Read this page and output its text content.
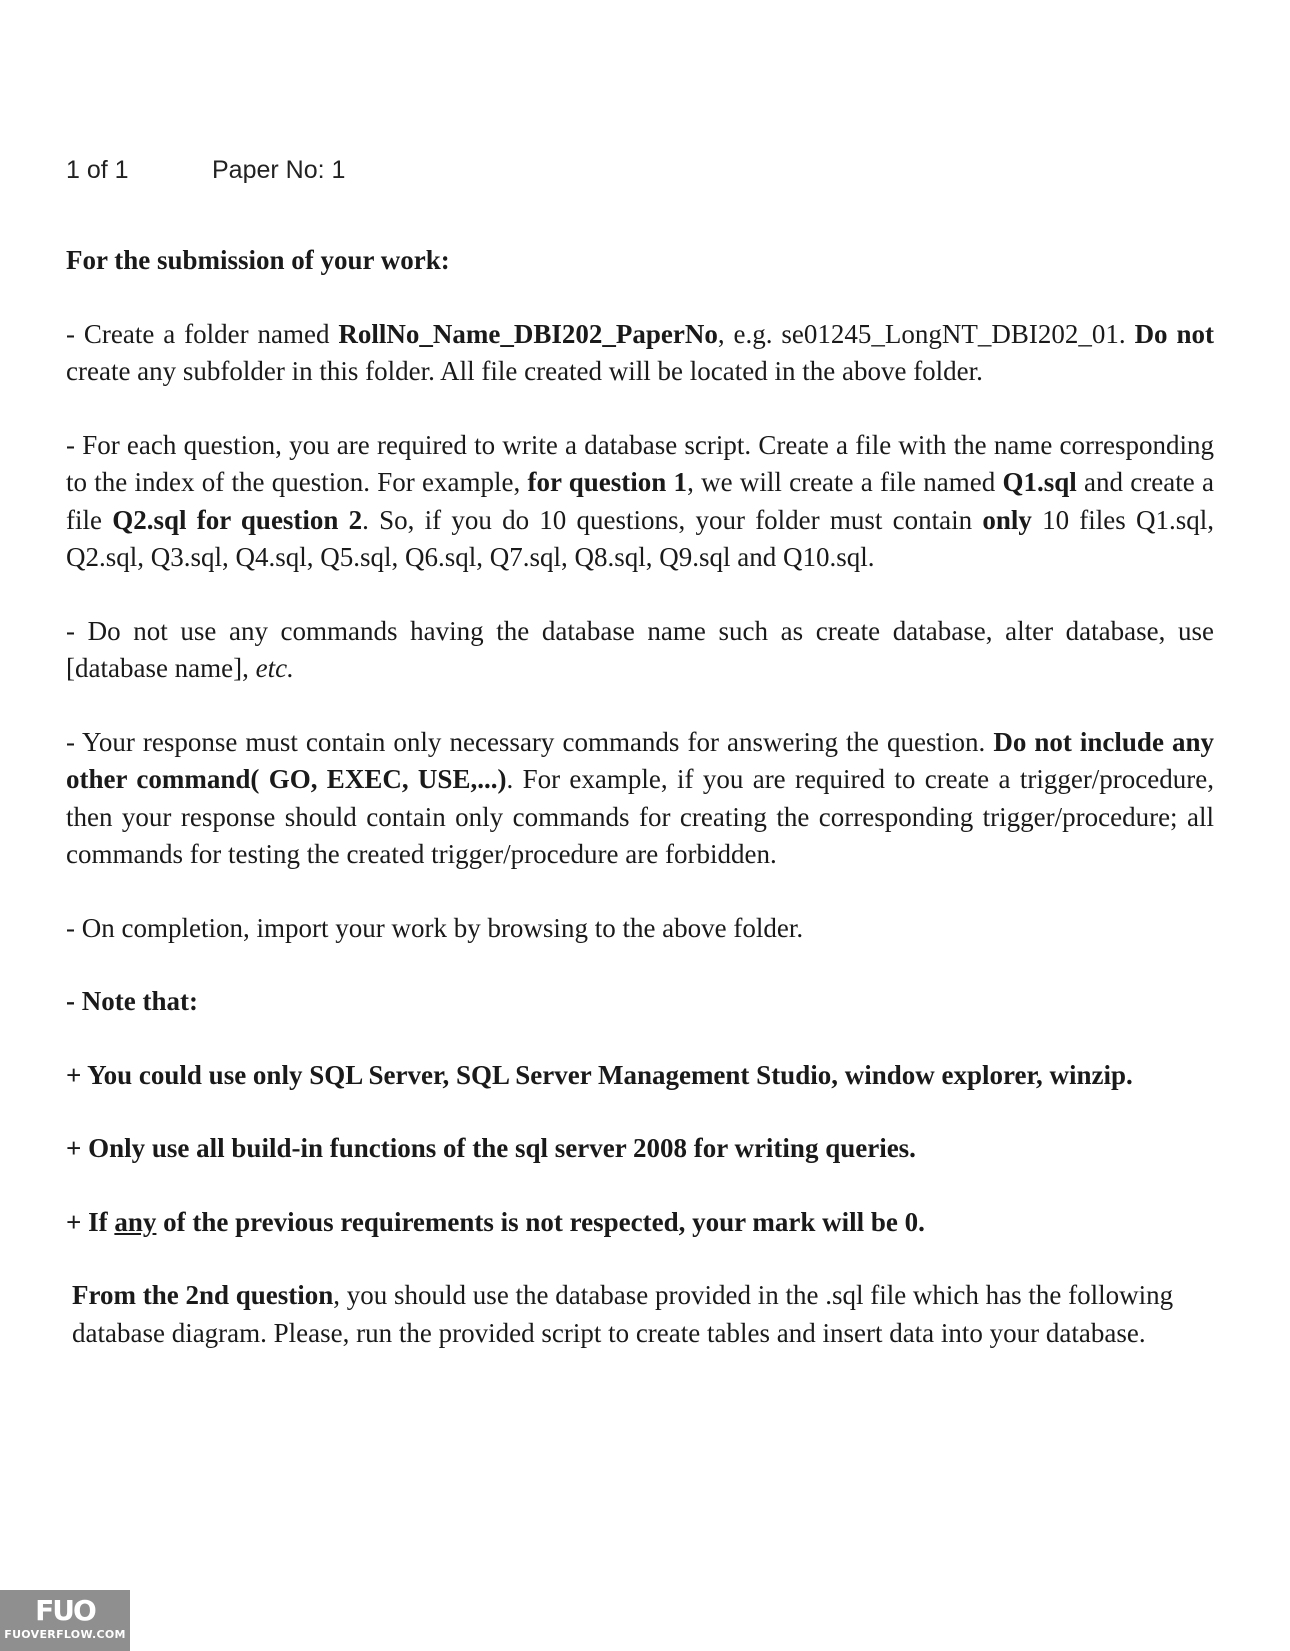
1 of 1	Paper No: 1

For the submission of your work:

- Create a folder named RollNo_Name_DBI202_PaperNo, e.g. se01245_LongNT_DBI202_01. Do not create any subfolder in this folder. All file created will be located in the above folder.

- For each question, you are required to write a database script. Create a file with the name corresponding to the index of the question. For example, for question 1, we will create a file named Q1.sql and create a file Q2.sql for question 2. So, if you do 10 questions, your folder must contain only 10 files Q1.sql, Q2.sql, Q3.sql, Q4.sql, Q5.sql, Q6.sql, Q7.sql, Q8.sql, Q9.sql and Q10.sql.

- Do not use any commands having the database name such as create database, alter database, use [database name], etc.

- Your response must contain only necessary commands for answering the question. Do not include any other command( GO, EXEC, USE,...). For example, if you are required to create a trigger/procedure, then your response should contain only commands for creating the corresponding trigger/procedure; all commands for testing the created trigger/procedure are forbidden.

- On completion, import your work by browsing to the above folder.

- Note that:

+ You could use only SQL Server, SQL Server Management Studio, window explorer, winzip.

+ Only use all build-in functions of the sql server 2008 for writing queries.

+ If any of the previous requirements is not respected, your mark will be 0.

From the 2nd question, you should use the database provided in the .sql file which has the following database diagram. Please, run the provided script to create tables and insert data into your database.

FUO
FUOVERFLOW.COM
